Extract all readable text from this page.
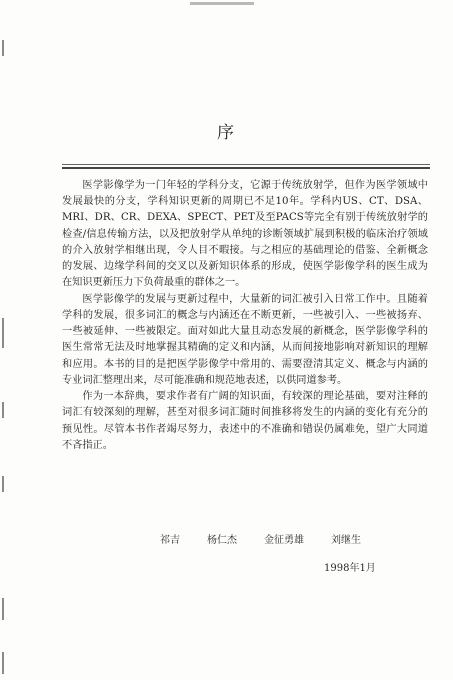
序

医学影像学为一门年轻的学科分支，它源于传统放射学，但作为医学领域中发展最快的分支，学科知识更新的周期已不足10年。学科内US、CT、DSA、MRI、DR、CR、DEXA、SPECT、PET及至PACS等完全有别于传统放射学的检查/信息传输方法，以及把放射学从单纯的诊断领域扩展到积极的临床治疗领域的介入放射学相继出现，令人目不暇接。与之相应的基础理论的借鉴、全新概念的发展、边缘学科间的交叉以及新知识体系的形成，使医学影像学科的医生成为在知识更新压力下负荷最重的群体之一。

医学影像学的发展与更新过程中，大量新的词汇被引入日常工作中。且随着学科的发展，很多词汇的概念与内涵还在不断更新，一些被引入、一些被扬弃、一些被延伸、一些被限定。面对如此大量且动态发展的新概念，医学影像学科的医生常常无法及时地掌握其精确的定义和内涵，从而间接地影响对新知识的理解和应用。本书的目的是把医学影像学中常用的、需要澄清其定义、概念与内涵的专业词汇整理出来，尽可能准确和规范地表述，以供同道参考。

作为一本辞典，要求作者有广阔的知识面，有较深的理论基础，要对注释的词汇有较深刻的理解，甚至对很多词汇随时间推移将发生的内涵的变化有充分的预见性。尽管本书作者竭尽努力，表述中的不准确和错误仍属难免，望广大同道不吝指正。

祁吉	杨仁杰	金征勇雄	刘继生
1998年1月
